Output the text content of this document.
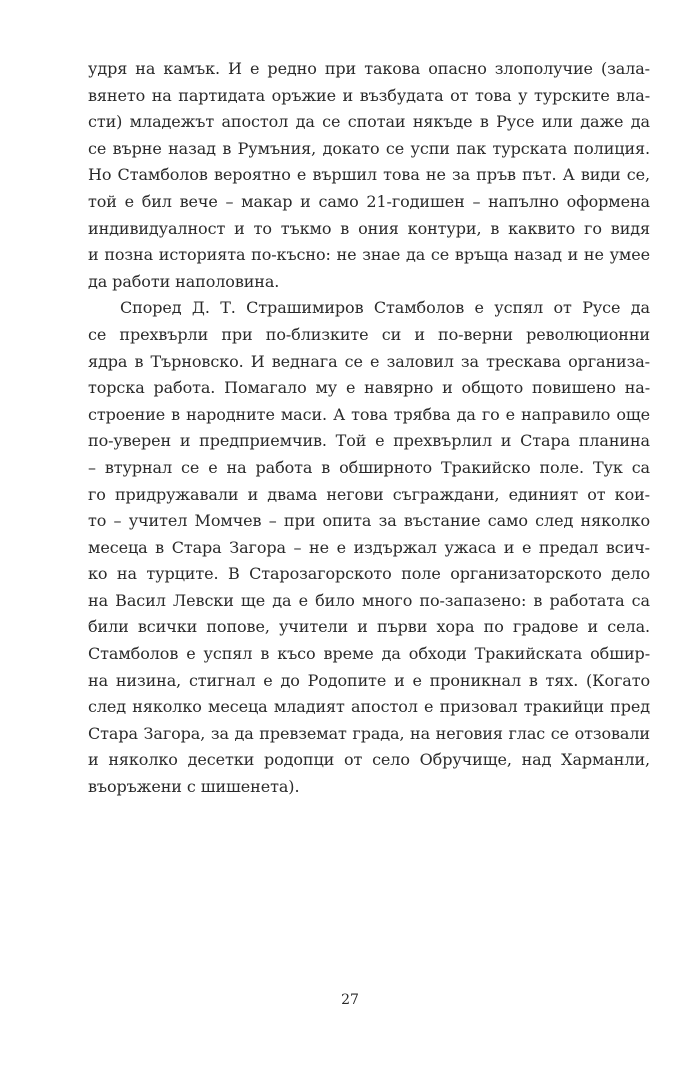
удря на камък. И е редно при такова опасно злополучие (зала-
вянето на партидата оръжие и възбудата от това у турските вла-
сти) младежът апостол да се спотаи някъде в Русе или даже да
се върне назад в Румъния, докато се успи пак турската полиция.
Но Стамболов вероятно е вършил това не за пръв път. А види се,
той е бил вече – макар и само 21-годишен – напълно оформена
индивидуалност и то тъкмо в ония контури, в каквито го видя
и позна историята по-късно: не знае да се връща назад и не умее
да работи наполовина.
Според Д. Т. Страшимиров Стамболов е успял от Русе да
се прехвърли при по-близките си и по-верни революционни
ядра в Търновско. И веднага се е заловил за трескава организа-
торска работа. Помагало му е навярно и общото повишено на-
строение в народните маси. А това трябва да го е направило още
по-уверен и предприемчив. Той е прехвърлил и Стара планина
– втурнал се е на работа в обширното Тракийско поле. Тук са
го придружавали и двама негови съграждани, единият от кои-
то – учител Момчев – при опита за въстание само след няколко
месеца в Стара Загора – не е издържал ужаса и е предал всич-
ко на турците. В Старозагорското поле организаторското дело
на Васил Левски ще да е било много по-запазено: в работата са
били всички попове, учители и първи хора по градове и села.
Стамболов е успял в късо време да обходи Тракийската обшир-
на низина, стигнал е до Родопите и е проникнал в тях. (Когато
след няколко месеца младият апостол е призовал тракийци пред
Стара Загора, за да превземат града, на неговия глас се отзовали
и няколко десетки родопци от село Обручище, над Харманли,
въоръжени с шишенета).
27
